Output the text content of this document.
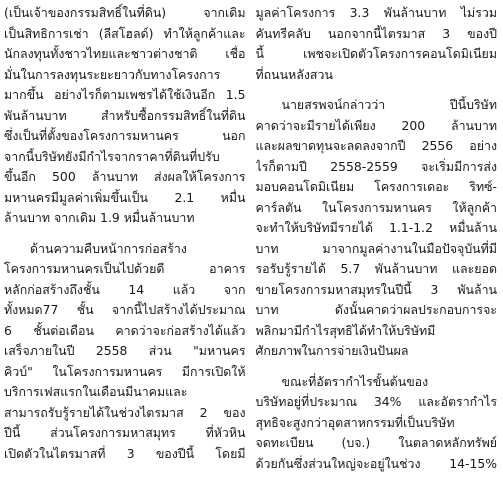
(เป็นเจ้าของกรรมสิทธิ์ในที่ดิน) จากเดิม
เป็นสิทธิการเช่า (ลีสโฮลด์) ทำให้ลูกค้าและ
นักลงทุนทั้งชาวไทยและชาวต่างชาติ เชื่อ
มั่นในการลงทุนระยะยาวกับทางโครงการ
มากขึ้น อย่างไรก็ตามเพชรได้ใช้เงินอีก 1.5
พันล้านบาท สำหรับซื้อกรรมสิทธิ์ในที่ดิน
ซึ่งเป็นที่ตั้งของโครงการมหานคร นอก
จากนี้บริษัทยังมีกำไรจากราคาที่ดินที่ปรับ
ขึ้นอีก 500 ล้านบาท ส่งผลให้โครงการ
มหานครมีมูลค่าเพิ่มขึ้นเป็น 2.1 หมื่น
ล้านบาท จากเดิม 1.9 หมื่นล้านบาท
ด้านความคืบหน้าการก่อสร้าง
โครงการมหานครเป็นไปด้วยดี อาคาร
หลักก่อสร้างถึงชั้น 14 แล้ว จาก
ทั้งหมด77 ชั้น จากนี้ไปสร้างได้ประมาณ
6 ชั้นต่อเดือน คาดว่าจะก่อสร้างได้แล้ว
เสร็จภายในปี 2558 ส่วน "มหานคร
คิวบ์" ในโครงการมหานคร มีการเปิดให้
บริการเฟสแรกในเดือนมีนาคมและ
สามารถรับรู้รายได้ในช่วงไตรมาส 2 ของ
ปีนี้ ส่วนโครงการมหาสมุทร ที่หัวหิน
เปิดตัวในไตรมาสที่ 3 ของปีนี้ โดยมี
มูลค่าโครงการ 3.3 พันล้านบาท ไม่รวม
คันทรีคลับ นอกจากนี้ไตรมาส 3 ของปี
นี้ เพชจะเปิดตัวโครงการคอนโดมิเนียม
ที่ถนนหลังสวน
นายสรพจน์กล่าวว่า ปีนี้บริษัท
คาดว่าจะมีรายได้เพียง 200 ล้านบาท
และผลขาดทุนจะลดลงจากปี 2556 อย่าง
ไรก็ตามปี 2558-2559 จะเริ่มมีการส่ง
มอบคอนโดมิเนียม โครงการเดอะ ริทซ์-
คาร์ลตัน ในโครงการมหานคร ให้ลูกค้า
จะทำให้บริษัทมีรายได้ 1.1-1.2 หมื่นล้าน
บาท มาจากมูลค่างานในมือปัจจุบันที่มี
รอรับรู้รายได้ 5.7 พันล้านบาท และยอด
ขายโครงการมหาสมุทรในปีนี้ 3 พันล้าน
บาท ดังนั้นคาดว่าผลประกอบการจะ
พลิกมามีกำไรสุทธิได้ทำให้บริษัทมี
ศักยภาพในการจ่ายเงินปันผล
ขณะที่อัตรากำไรขั้นต้นของ
บริษัทอยู่ที่ประมาณ 34% และอัตรากำไร
สุทธิจะสูงกว่าอุตสาหกรรมที่เป็นบริษัท
จดทะเบียน (บจ.) ในตลาดหลักทรัพย์
ด้วยกันซึ่งส่วนใหญ่จะอยู่ในช่วง 14-15%
